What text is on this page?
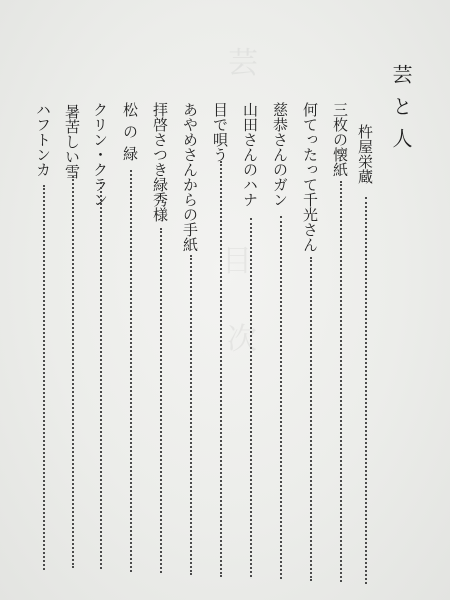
芸
目
次
芸と人
杵屋栄蔵
三枚の懐紙
何てったって千光さん
慈恭さんのガン
山田さんのハナ
目で唄う
あやめさんからの手紙
拝啓さつき緑秀様
松の緑
クリン・クラン
暑苦しい雪
ハフトンカ
